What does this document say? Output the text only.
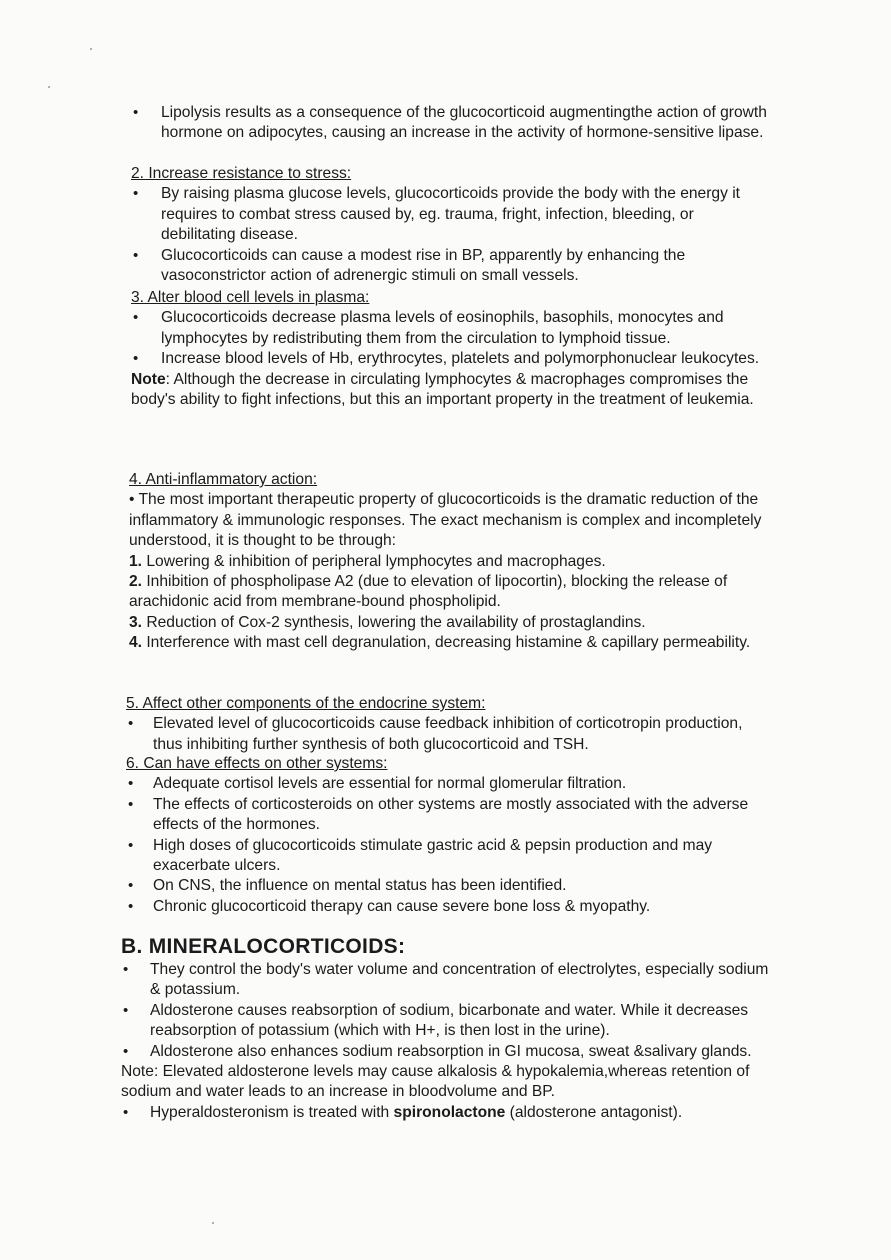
• Lipolysis results as a consequence of the glucocorticoid augmentingthe action of growth hormone on adipocytes, causing an increase in the activity of hormone-sensitive lipase.
2. Increase resistance to stress:
• By raising plasma glucose levels, glucocorticoids provide the body with the energy it requires to combat stress caused by, eg. trauma, fright, infection, bleeding, or debilitating disease.
• Glucocorticoids can cause a modest rise in BP, apparently by enhancing the vasoconstrictor action of adrenergic stimuli on small vessels.
3. Alter blood cell levels in plasma:
• Glucocorticoids decrease plasma levels of eosinophils, basophils, monocytes and lymphocytes by redistributing them from the circulation to lymphoid tissue.
• Increase blood levels of Hb, erythrocytes, platelets and polymorphonuclear leukocytes.
Note: Although the decrease in circulating lymphocytes & macrophages compromises the body's ability to fight infections, but this an important property in the treatment of leukemia.
4. Anti-inflammatory action:
• The most important therapeutic property of glucocorticoids is the dramatic reduction of the inflammatory & immunologic responses. The exact mechanism is complex and incompletely understood, it is thought to be through:
1. Lowering & inhibition of peripheral lymphocytes and macrophages.
2. Inhibition of phospholipase A2 (due to elevation of lipocortin), blocking the release of arachidonic acid from membrane-bound phospholipid.
3. Reduction of Cox-2 synthesis, lowering the availability of prostaglandins.
4. Interference with mast cell degranulation, decreasing histamine & capillary permeability.
5. Affect other components of the endocrine system:
• Elevated level of glucocorticoids cause feedback inhibition of corticotropin production, thus inhibiting further synthesis of both glucocorticoid and TSH.
6. Can have effects on other systems:
• Adequate cortisol levels are essential for normal glomerular filtration.
• The effects of corticosteroids on other systems are mostly associated with the adverse effects of the hormones.
• High doses of glucocorticoids stimulate gastric acid & pepsin production and may exacerbate ulcers.
• On CNS, the influence on mental status has been identified.
• Chronic glucocorticoid therapy can cause severe bone loss & myopathy.
B. MINERALOCORTICOIDS:
• They control the body's water volume and concentration of electrolytes, especially sodium & potassium.
• Aldosterone causes reabsorption of sodium, bicarbonate and water. While it decreases reabsorption of potassium (which with H+, is then lost in the urine).
• Aldosterone also enhances sodium reabsorption in GI mucosa, sweat &salivary glands.
Note: Elevated aldosterone levels may cause alkalosis & hypokalemia,whereas retention of sodium and water leads to an increase in bloodvolume and BP.
• Hyperaldosteronism is treated with spironolactone (aldosterone antagonist).
